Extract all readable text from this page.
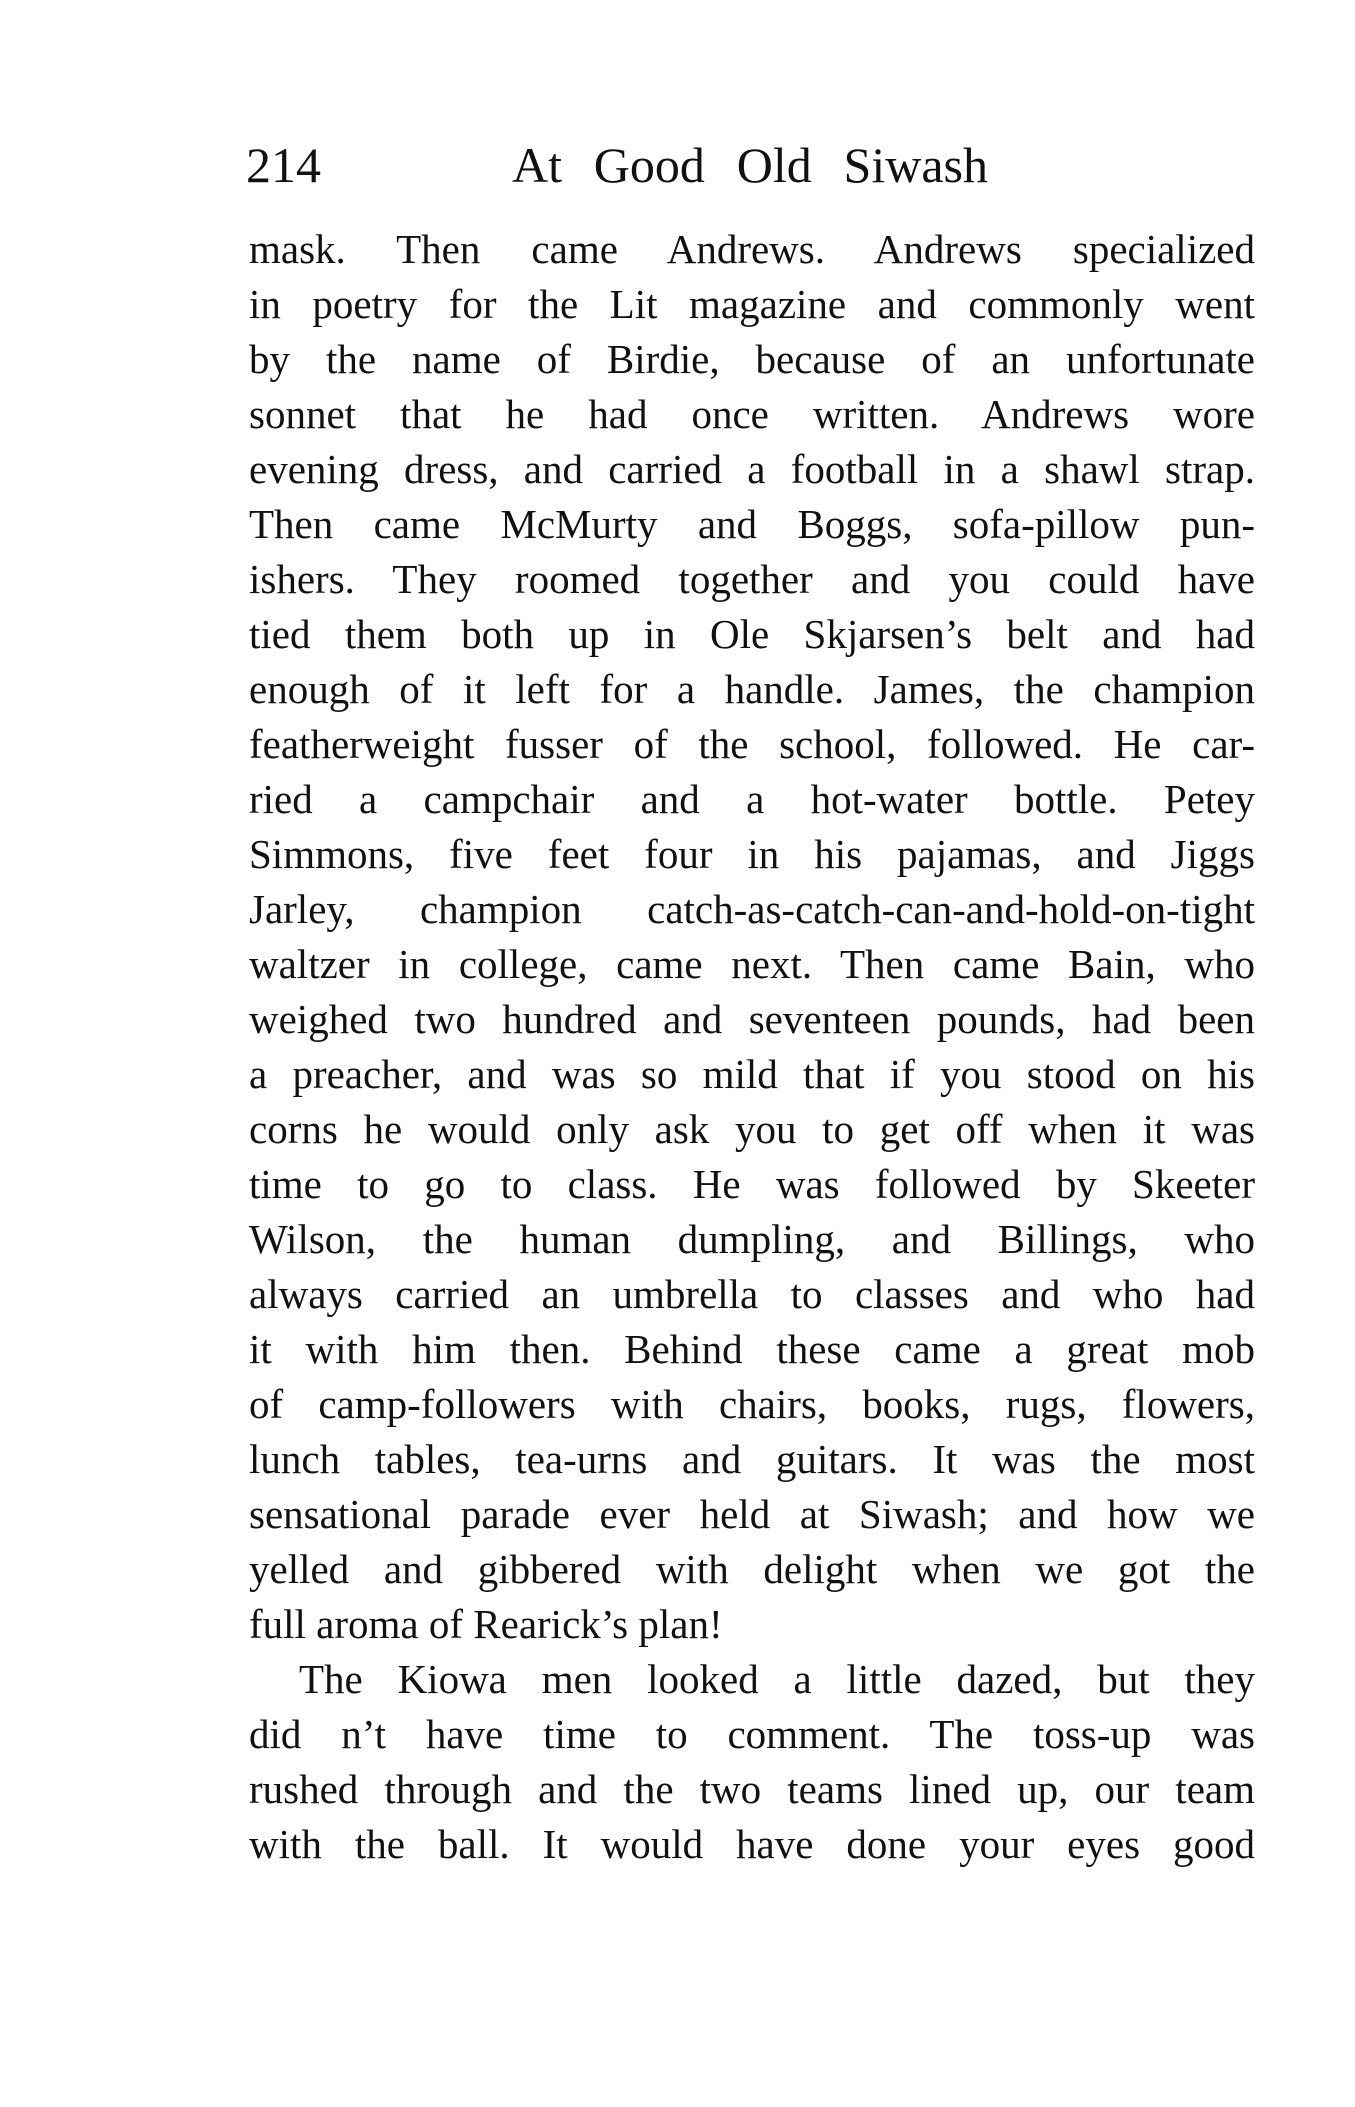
214	At Good Old Siwash
mask. Then came Andrews. Andrews specialized
in poetry for the Lit magazine and commonly went
by the name of Birdie, because of an unfortunate
sonnet that he had once written. Andrews wore
evening dress, and carried a football in a shawl strap.
Then came McMurty and Boggs, sofa-pillow pun-
ishers. They roomed together and you could have
tied them both up in Ole Skjarsen’s belt and had
enough of it left for a handle. James, the champion
featherweight fusser of the school, followed. He car-
ried a campchair and a hot-water bottle. Petey
Simmons, five feet four in his pajamas, and Jiggs
Jarley, champion catch-as-catch-can-and-hold-on-tight
waltzer in college, came next. Then came Bain, who
weighed two hundred and seventeen pounds, had been
a preacher, and was so mild that if you stood on his
corns he would only ask you to get off when it was
time to go to class. He was followed by Skeeter
Wilson, the human dumpling, and Billings, who
always carried an umbrella to classes and who had
it with him then. Behind these came a great mob
of camp-followers with chairs, books, rugs, flowers,
lunch tables, tea-urns and guitars. It was the most
sensational parade ever held at Siwash; and how we
yelled and gibbered with delight when we got the
full aroma of Rearick’s plan!
The Kiowa men looked a little dazed, but they
did n’t have time to comment. The toss-up was
rushed through and the two teams lined up, our team
with the ball. It would have done your eyes good
